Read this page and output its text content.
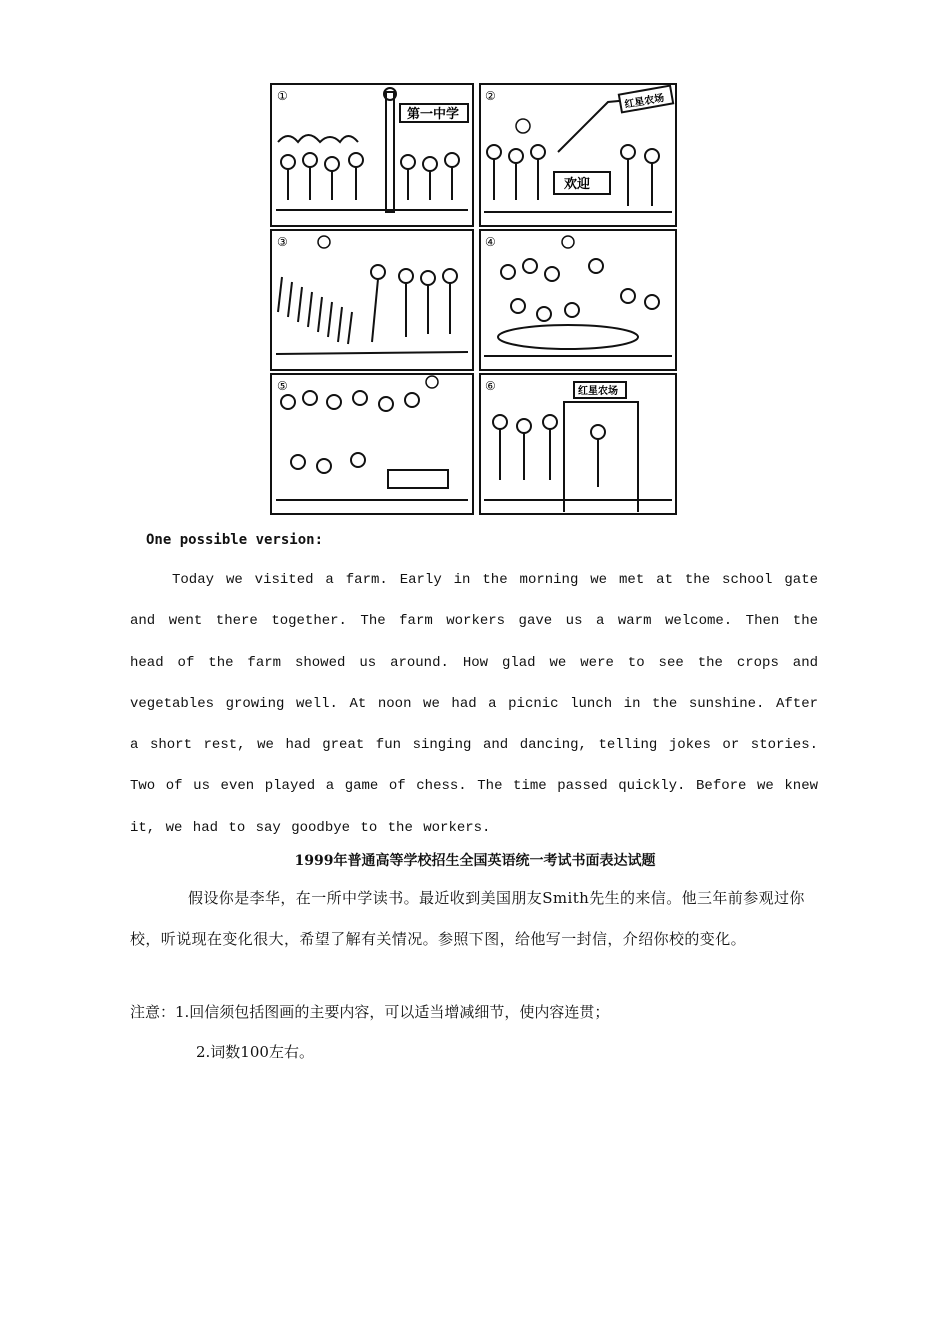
①
第一中学
②	红星农场
欢迎
③	④
⑤	⑥	红星农场
One possible version:
Today we visited a farm. Early in the morning we met at the school gate and went there together. The farm workers gave us a warm welcome. Then the head of the farm showed us around. How glad we were to see the crops and vegetables growing well. At noon we had a picnic lunch in the sunshine. After a short rest, we had great fun singing and dancing, telling jokes or stories. Two of us even played a game of chess. The time passed quickly. Before we knew it, we had to say goodbye to the workers.
1999年普通高等学校招生全国英语统一考试书面表达试题
假设你是李华，在一所中学读书。最近收到美国朋友Smith先生的来信。他三年前参观过你校，听说现在变化很大，希望了解有关情况。参照下图，给他写一封信，介绍你校的变化。
注意：1.回信须包括图画的主要内容，可以适当增减细节，使内容连贯；
2.词数100左右。
